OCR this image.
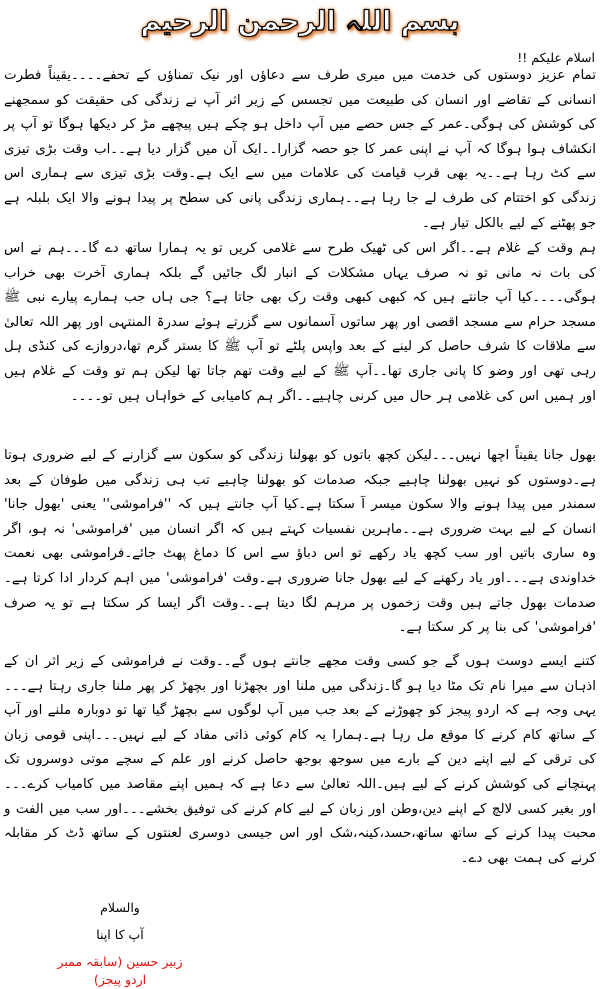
بسم اللہ الرحمن الرحیم
اسلام علیکم !!
تمام عزیز دوستوں کی خدمت میں میری طرف سے دعاؤں اور نیک تمناؤں کے تحفے۔۔۔۔یقیناً فطرت انسانی کے تقاضے اور انسان کی طبیعت میں تجسس کے زیر اثر آپ نے زندگی کی حقیقت کو سمجھنے کی کوشش کی ہوگی۔عمر کے جس حصے میں آپ داخل ہو چکے ہیں پیچھے مڑ کر دیکھا ہوگا تو آپ پر انکشاف ہوا ہوگا کہ آپ نے اپنی عمر کا جو حصہ گزارا۔۔ایک آن میں گزار دیا ہے۔۔اب وقت بڑی تیزی سے کٹ رہا ہے۔۔یہ بھی قرب قیامت کی علامات میں سے ایک ہے۔وقت بڑی تیزی سے ہماری اس زندگی کو اختتام کی طرف لے جا رہا ہے۔۔ہماری زندگی پانی کی سطح پر پیدا ہونے والا ایک بلبلہ ہے جو پھٹنے کے لیے بالکل تیار ہے۔
ہم وقت کے غلام ہے۔۔اگر اس کی ٹھیک طرح سے غلامی کریں تو یہ ہمارا ساتھ دے گا۔۔۔ہم نے اس کی بات نہ مانی تو نہ صرف یہاں مشکلات کے انبار لگ جائیں گے بلکہ ہماری آخرت بھی خراب ہوگی۔۔۔۔کیا آپ جانتے ہیں کہ کبھی کبھی وقت رک بھی جاتا ہے؟ جی ہاں جب ہمارے پیارے نبی ﷺ مسجد حرام سے مسجد اقصی اور پھر ساتوں آسمانوں سے گزرتے ہوئے سدرۃ المنتہی اور پھر اللہ تعالیٰ سے ملاقات کا شرف حاصل کر لینے کے بعد واپس پلٹے تو آپ ﷺ کا بستر گرم تھا،دروازے کی کنڈی ہل رہی تھی اور وضو کا پانی جاری تھا۔۔آپ ﷺ کے لیے وقت تھم جاتا تھا لیکن ہم تو وقت کے غلام ہیں اور ہمیں اس کی غلامی ہر حال میں کرنی چاہیے۔۔اگر ہم کامیابی کے خواہاں ہیں تو۔۔۔۔
بھول جانا یقیناً اچھا نہیں۔۔۔لیکن کچھ باتوں کو بھولنا زندگی کو سکون سے گزارنے کے لیے ضروری ہوتا ہے۔دوستوں کو نہیں بھولنا چاہیے جبکہ صدمات کو بھولنا چاہیے تب ہی زندگی میں طوفان کے بعد سمندر میں پیدا ہونے والا سکون میسر آ سکتا ہے۔کیا آپ جانتے ہیں کہ ''فراموشی'' یعنی 'بھول جانا' انسان کے لیے بہت ضروری ہے۔۔ماہرین نفسیات کہتے ہیں کہ اگر انسان میں 'فراموشی' نہ ہو، اگر وہ ساری باتیں اور سب کچھ یاد رکھے تو اس دباؤ سے اس کا دماغ پھٹ جائے۔فراموشی بھی نعمت خداوندی ہے۔۔۔اور یاد رکھنے کے لیے بھول جانا ضروری ہے۔وقت 'فراموشی' میں اہم کردار ادا کرتا ہے۔صدمات بھول جاتے ہیں وقت زخموں پر مرہم لگا دیتا ہے۔۔وقت اگر ایسا کر سکتا ہے تو یہ صرف 'فراموشی' کی بنا پر کر سکتا ہے۔
کتنے ایسے دوست ہوں گے جو کسی وقت مجھے جانتے ہوں گے۔۔وقت نے فراموشی کے زیر اثر ان کے اذہان سے میرا نام تک مٹا دیا ہو گا۔زندگی میں ملنا اور بچھڑنا اور بچھڑ کر پھر ملنا جاری رہتا ہے۔۔۔یہی وجہ ہے کہ اردو پیجز کو چھوڑنے کے بعد جب میں آپ لوگوں سے بچھڑ گیا تھا تو دوبارہ ملنے اور آپ کے ساتھ کام کرنے کا موقع مل رہا ہے۔ہمارا یہ کام کوئی ذاتی مفاد کے لیے نہیں۔۔۔اپنی قومی زبان کی ترقی کے لیے اپنے دین کے بارے میں سوجھ بوجھ حاصل کرنے اور علم کے سچے موتی دوسروں تک پہنچانے کی کوشش کرنے کے لیے ہیں۔اللہ تعالیٰ سے دعا ہے کہ ہمیں اپنے مقاصد میں کامیاب کرے۔۔۔اور بغیر کسی لالچ کے اپنے دین،وطن اور زبان کے لیے کام کرنے کی توفیق بخشے۔۔۔اور سب میں الفت و محبت پیدا کرنے کے ساتھ ساتھ،حسد،کینہ،شک اور اس جیسی دوسری لعنتوں کے ساتھ ڈٹ کر مقابلہ کرنے کی ہمت بھی دے۔
والسلام
آپ کا اپنا
زبیر حسین (سابقہ ممبر اردو پیجز)
